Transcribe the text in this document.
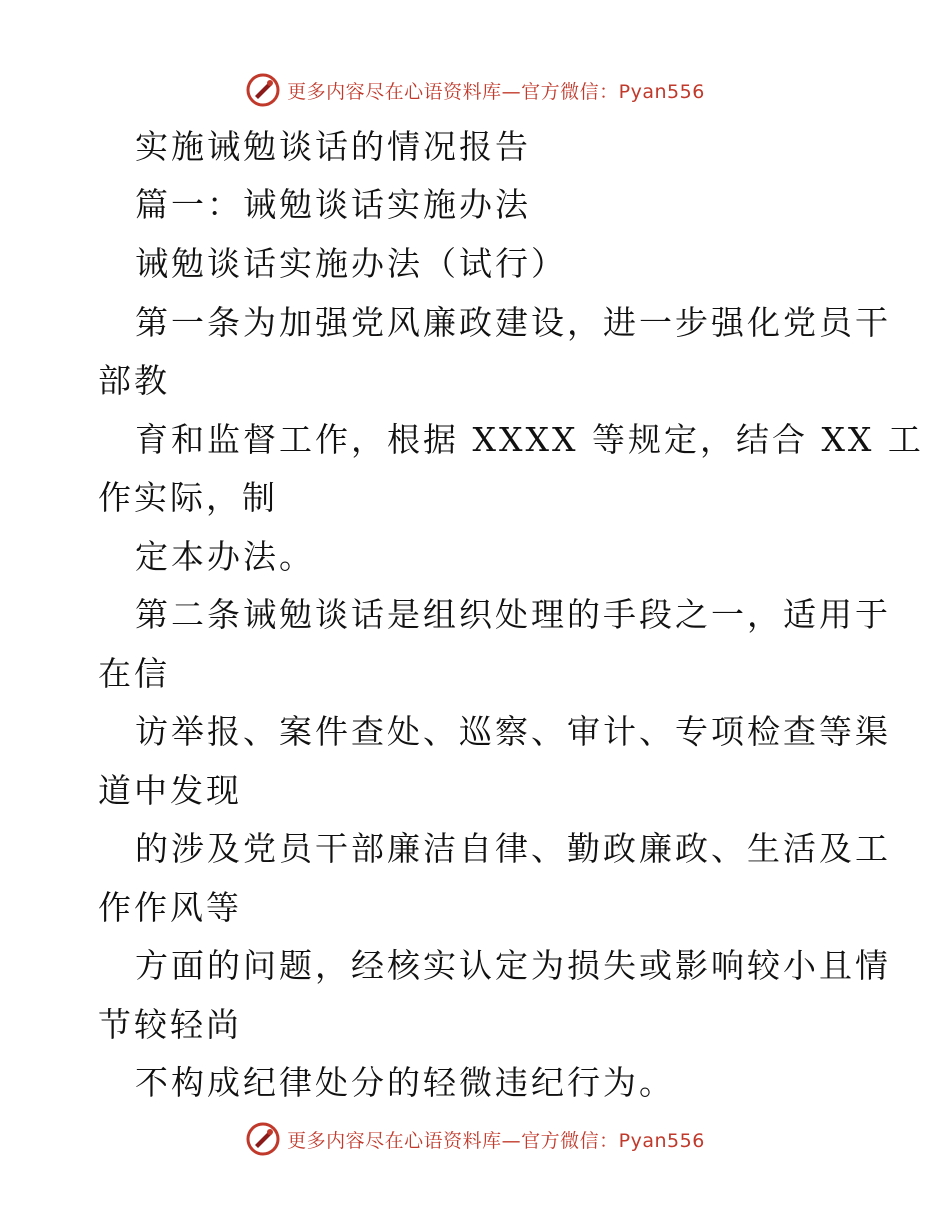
更多内容尽在心语资料库—官方微信：Pyan556
实施诫勉谈话的情况报告
篇一：诫勉谈话实施办法
诫勉谈话实施办法（试行）
第一条为加强党风廉政建设，进一步强化党员干
部教
育和监督工作，根据 XXXX 等规定，结合 XX 工
作实际，制
定本办法。
第二条诫勉谈话是组织处理的手段之一，适用于
在信
访举报、案件查处、巡察、审计、专项检查等渠
道中发现
的涉及党员干部廉洁自律、勤政廉政、生活及工
作作风等
方面的问题，经核实认定为损失或影响较小且情
节较轻尚
不构成纪律处分的轻微违纪行为。
更多内容尽在心语资料库—官方微信：Pyan556
